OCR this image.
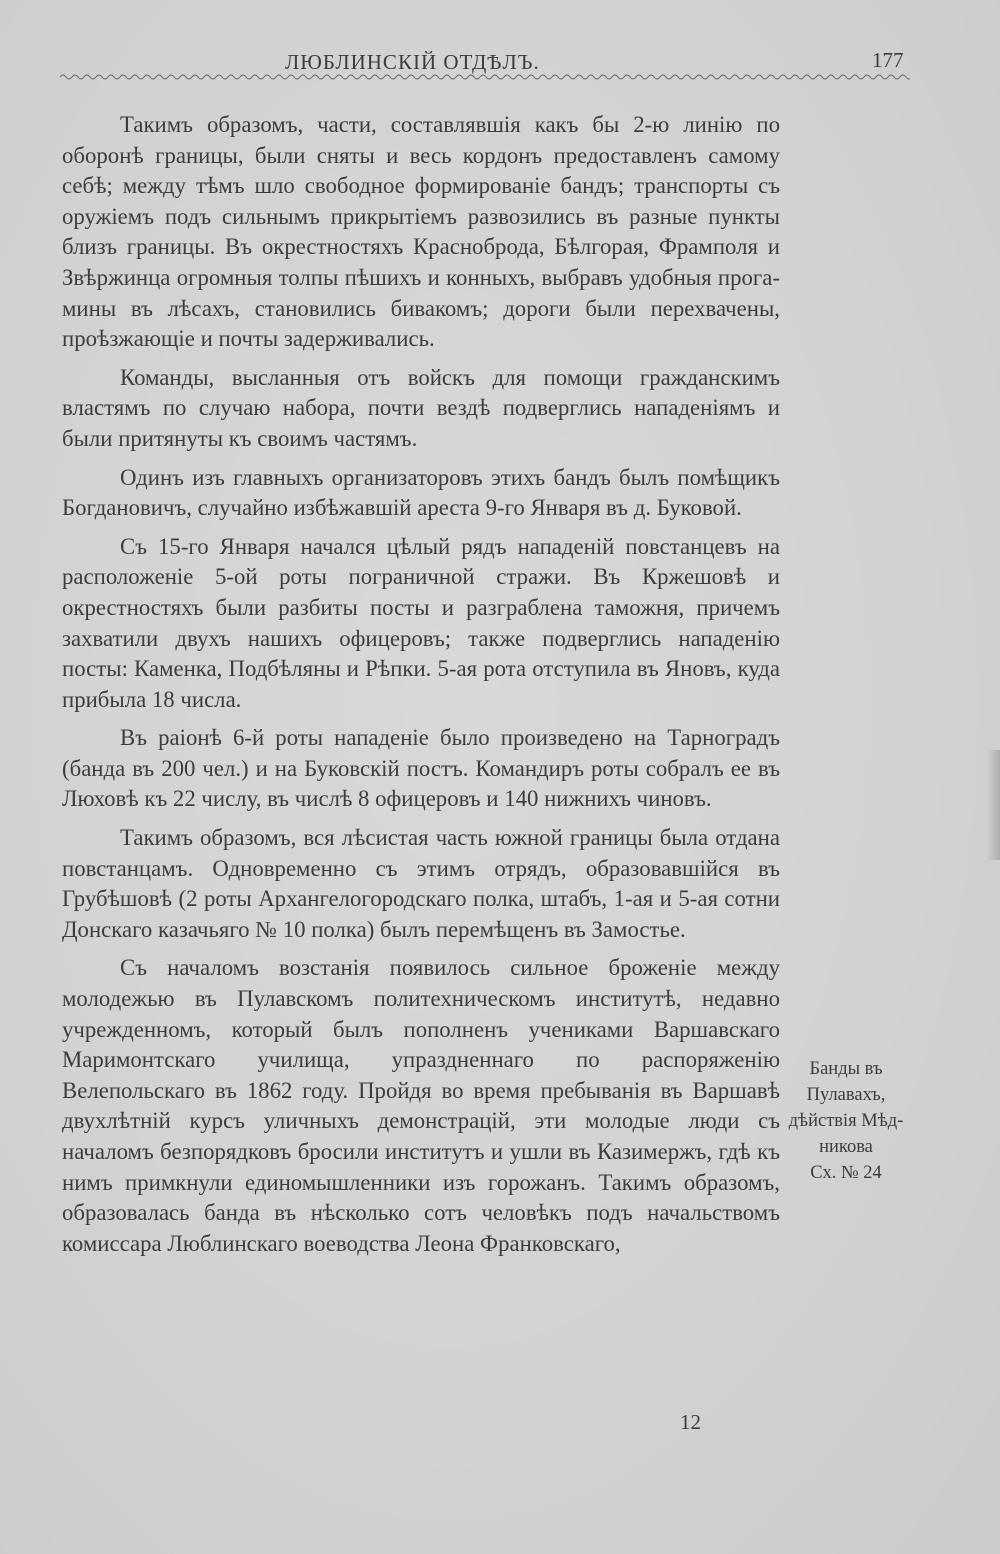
ЛЮБЛИНСКIЙ ОТДѢЛЪ.	177

Такимъ образомъ, части, составлявшiя какъ бы 2-ю линiю по оборонѣ границы, были сняты и весь кордонъ предоставленъ самому себѣ; между тѣмъ шло свободное формированiе бандъ; транспорты съ оружiемъ подъ сильнымъ прикрытiемъ развозились въ разные пункты близъ границы. Въ окрестностяхъ Красноброда, Бѣлгорая, Фрамполя и Звѣржинца огромныя толпы пѣшихъ и конныхъ, выбравъ удобныя прогамины въ лѣсахъ, становились бивакомъ; дороги были перехвачены, проѣзжающiе и почты задерживались.

Команды, высланныя отъ войскъ для помощи гражданскимъ властямъ по случаю набора, почти вездѣ подверглись нападенiямъ и были притянуты къ своимъ частямъ.

Одинъ изъ главныхъ организаторовъ этихъ бандъ былъ помѣщикъ Богдановичъ, случайно избѣжавшiй ареста 9-го Января въ д. Буковой.

Съ 15-го Января начался цѣлый рядъ нападенiй повстанцевъ на расположенiе 5-ой роты пограничной стражи. Въ Кржешовѣ и окрестностяхъ были разбиты посты и разграблена таможня, причемъ захватили двухъ нашихъ офицеровъ; также подверглись нападенiю посты: Каменка, Подбѣляны и Рѣпки. 5-ая рота отступила въ Яновъ, куда прибыла 18 числа.

Въ раiонѣ 6-й роты нападенiе было произведено на Тарноградъ (банда въ 200 чел.) и на Буковскiй постъ. Командиръ роты собралъ ее въ Люховѣ къ 22 числу, въ числѣ 8 офицеровъ и 140 нижнихъ чиновъ.

Такимъ образомъ, вся лѣсистая часть южной границы была отдана повстанцамъ. Одновременно съ этимъ отрядъ, образовавшiйся въ Грубѣшовѣ (2 роты Архангелогородскаго полка, штабъ, 1-ая и 5-ая сотни Донскаго казачьяго № 10 полка) былъ перемѣщенъ въ Замостье.

Съ началомъ возстанiя появилось сильное броженiе между молодежью въ Пулавскомъ политехническомъ институтѣ, недавно учрежденномъ, который былъ пополненъ учениками Варшавскаго Маримонтскаго училища, упраздненнаго по распоряженiю Велепольскаго въ 1862 году. Пройдя во время пребыванiя въ Варшавѣ двухлѣтнiй курсъ уличныхъ демонстрацiй, эти молодые люди съ началомъ безпорядковъ бросили институтъ и ушли въ Казимержъ, гдѣ къ нимъ примкнули единомышленники изъ горожанъ. Такимъ образомъ, образовалась банда въ нѣсколько сотъ человѣкъ подъ начальствомъ комиссара Люблинскаго воеводства Леона Франковскаго,

Банды въ
Пулавахъ,
дѣйствiя Мѣд-
никова
Сх. № 24
12
